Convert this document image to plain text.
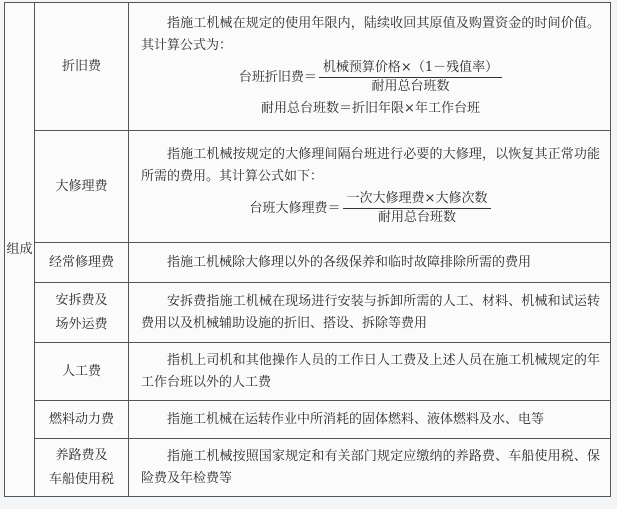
组成	折旧费	指施工机械在规定的使用年限内，陆续收回其原值及购置资金的时间价值。其计算公式为：
台班折旧费＝ $\frac{\text{机械预算价格×（1－残值率）}}{\text{耐用总台班数}}$
耐用总台班数＝折旧年限×年工作台班

	大修理费	指施工机械按规定的大修理间隔台班进行必要的大修理，以恢复其正常功能所需的费用。其计算公式如下：
台班大修理费＝ $\frac{\text{一次大修理费×大修次数}}{\text{耐用总台班数}}$

	经常修理费	指施工机械除大修理以外的各级保养和临时故障排除所需的费用

	安拆费及
场外运费	安拆费指施工机械在现场进行安装与拆卸所需的人工、材料、机械和试运转费用以及机械辅助设施的折旧、搭设、拆除等费用

	人工费	指机上司机和其他操作人员的工作日人工费及上述人员在施工机械规定的年工作台班以外的人工费

	燃料动力费	指施工机械在运转作业中所消耗的固体燃料、液体燃料及水、电等

	养路费及
车船使用税	指施工机械按照国家规定和有关部门规定应缴纳的养路费、车船使用税、保险费及年检费等
